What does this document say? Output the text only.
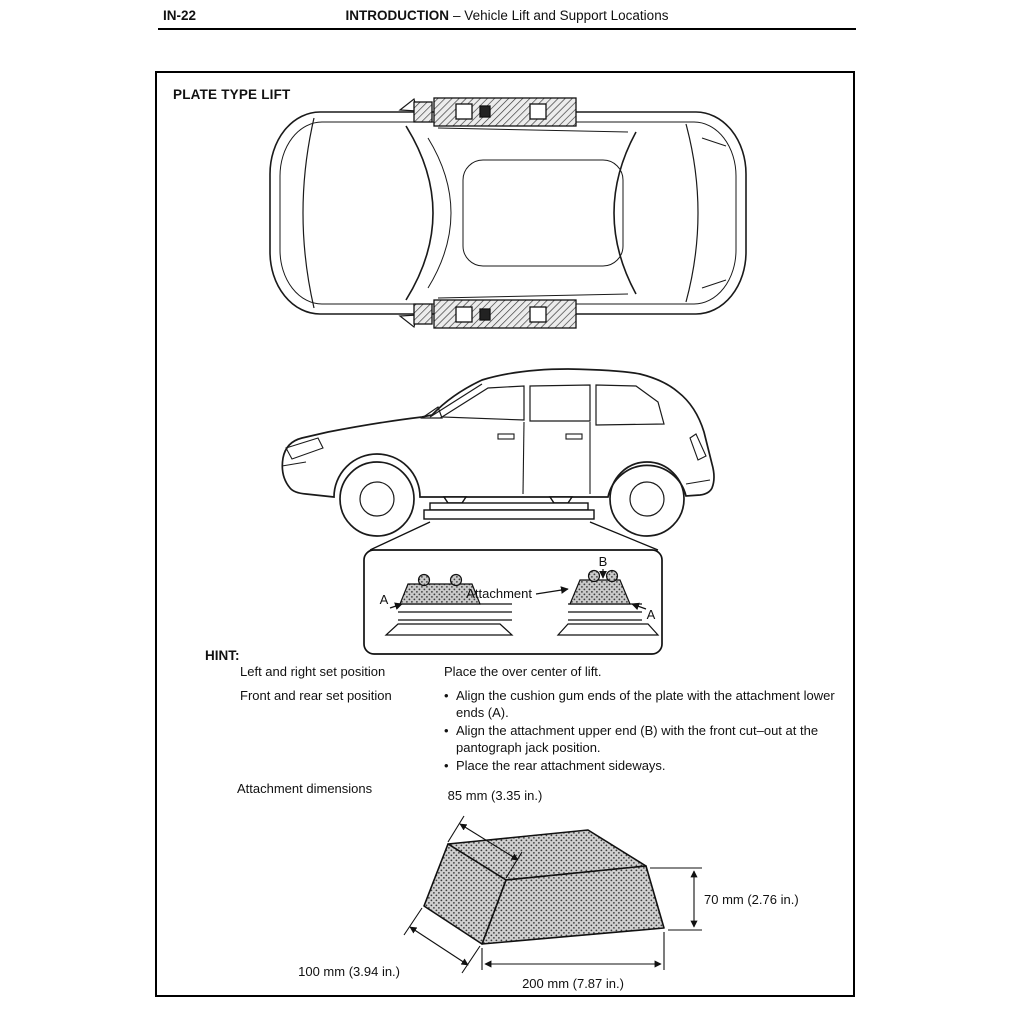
IN-22	INTRODUCTION – Vehicle Lift and Support Locations
PLATE TYPE LIFT
A
A
B
Attachment
HINT:
Left and right set position	Place the over center of lift.
Front and rear set position	• Align the cushion gum ends of the plate with the attachment lower ends (A).
• Align the attachment upper end (B) with the front cut–out at the pantograph jack position.
• Place the rear attachment sideways.
Attachment dimensions	85 mm (3.35 in.)
70 mm (2.76 in.)
100 mm (3.94 in.)
200 mm (7.87 in.)
